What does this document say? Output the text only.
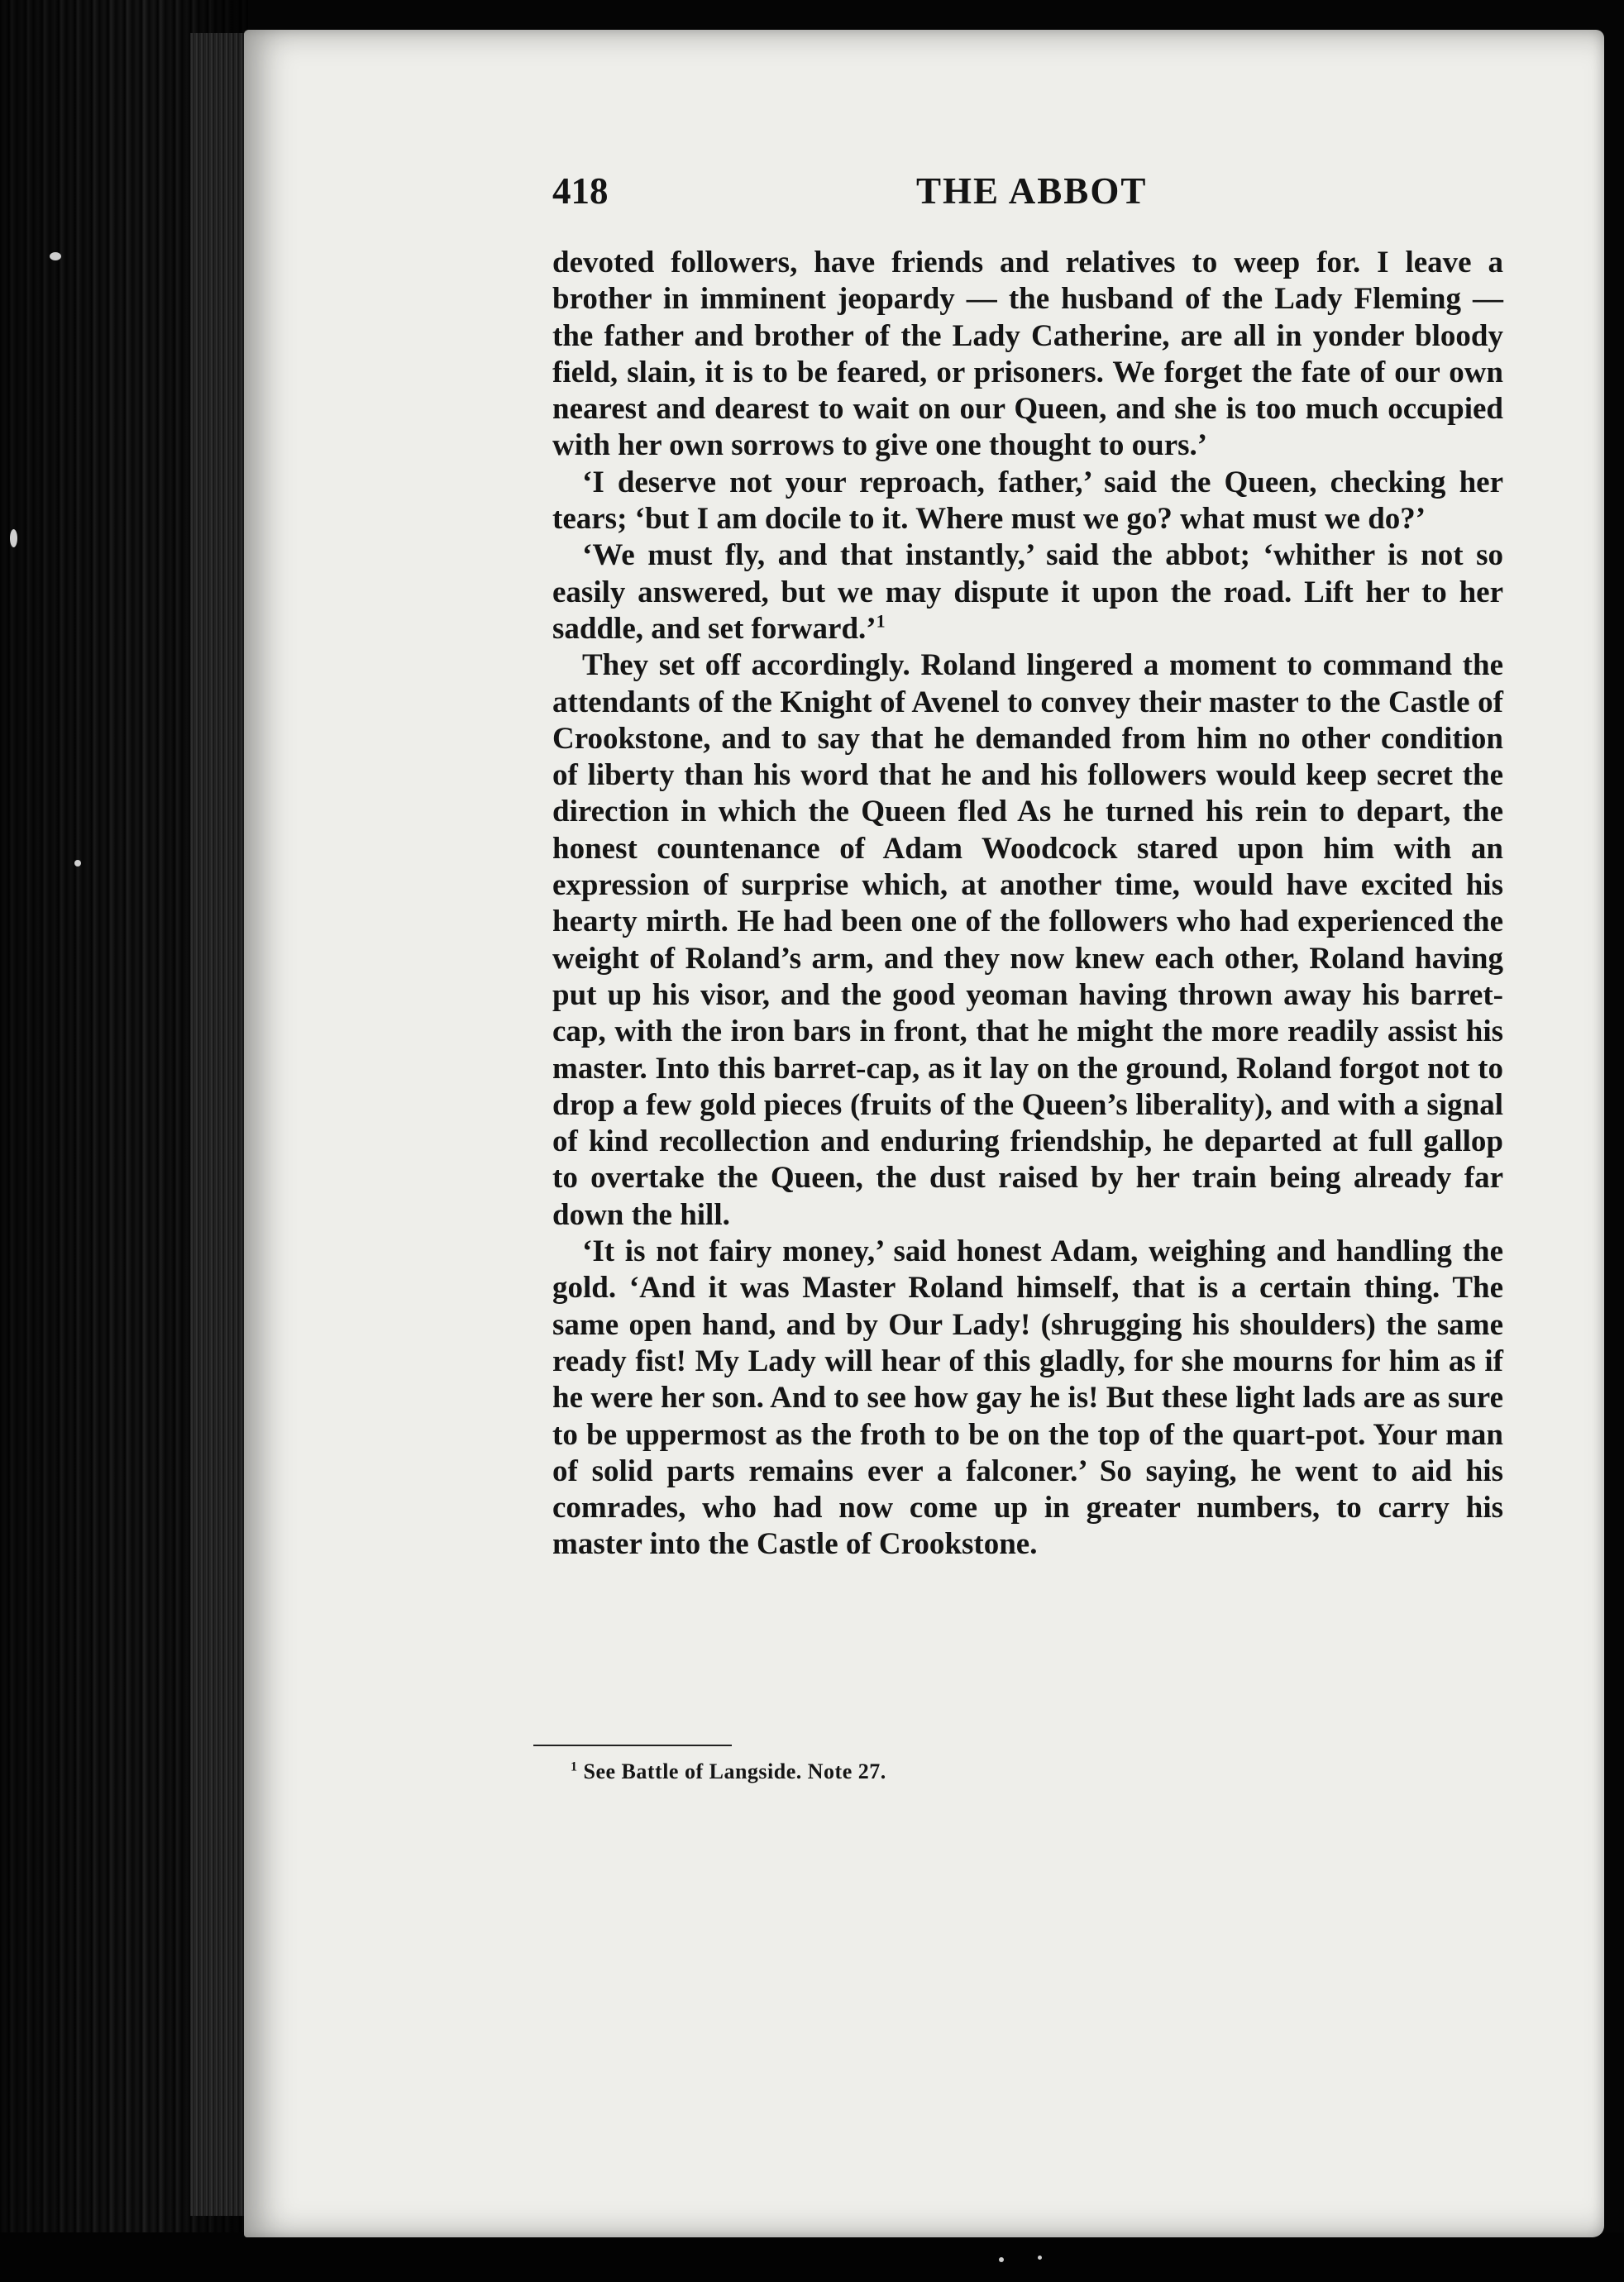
418	THE ABBOT

devoted followers, have friends and relatives to weep for. I leave a brother in imminent jeopardy — the husband of the Lady Fleming — the father and brother of the Lady Catherine, are all in yonder bloody field, slain, it is to be feared, or prisoners. We forget the fate of our own nearest and dearest to wait on our Queen, and she is too much occupied with her own sorrows to give one thought to ours.’

‘I deserve not your reproach, father,’ said the Queen, checking her tears; ‘but I am docile to it. Where must we go? what must we do?’

‘We must fly, and that instantly,’ said the abbot; ‘whither is not so easily answered, but we may dispute it upon the road. Lift her to her saddle, and set forward.’$^1$

They set off accordingly. Roland lingered a moment to command the attendants of the Knight of Avenel to convey their master to the Castle of Crookstone, and to say that he demanded from him no other condition of liberty than his word that he and his followers would keep secret the direction in which the Queen fled As he turned his rein to depart, the honest countenance of Adam Woodcock stared upon him with an expression of surprise which, at another time, would have excited his hearty mirth. He had been one of the followers who had experienced the weight of Roland’s arm, and they now knew each other, Roland having put up his visor, and the good yeoman having thrown away his barret-cap, with the iron bars in front, that he might the more readily assist his master. Into this barret-cap, as it lay on the ground, Roland forgot not to drop a few gold pieces (fruits of the Queen’s liberality), and with a signal of kind recollection and enduring friendship, he departed at full gallop to overtake the Queen, the dust raised by her train being already far down the hill.

‘It is not fairy money,’ said honest Adam, weighing and handling the gold. ‘And it was Master Roland himself, that is a certain thing. The same open hand, and by Our Lady! (shrugging his shoulders) the same ready fist! My Lady will hear of this gladly, for she mourns for him as if he were her son. And to see how gay he is! But these light lads are as sure to be uppermost as the froth to be on the top of the quart-pot. Your man of solid parts remains ever a falconer.’ So saying, he went to aid his comrades, who had now come up in greater numbers, to carry his master into the Castle of Crookstone.

$^1$ See Battle of Langside. Note 27.
